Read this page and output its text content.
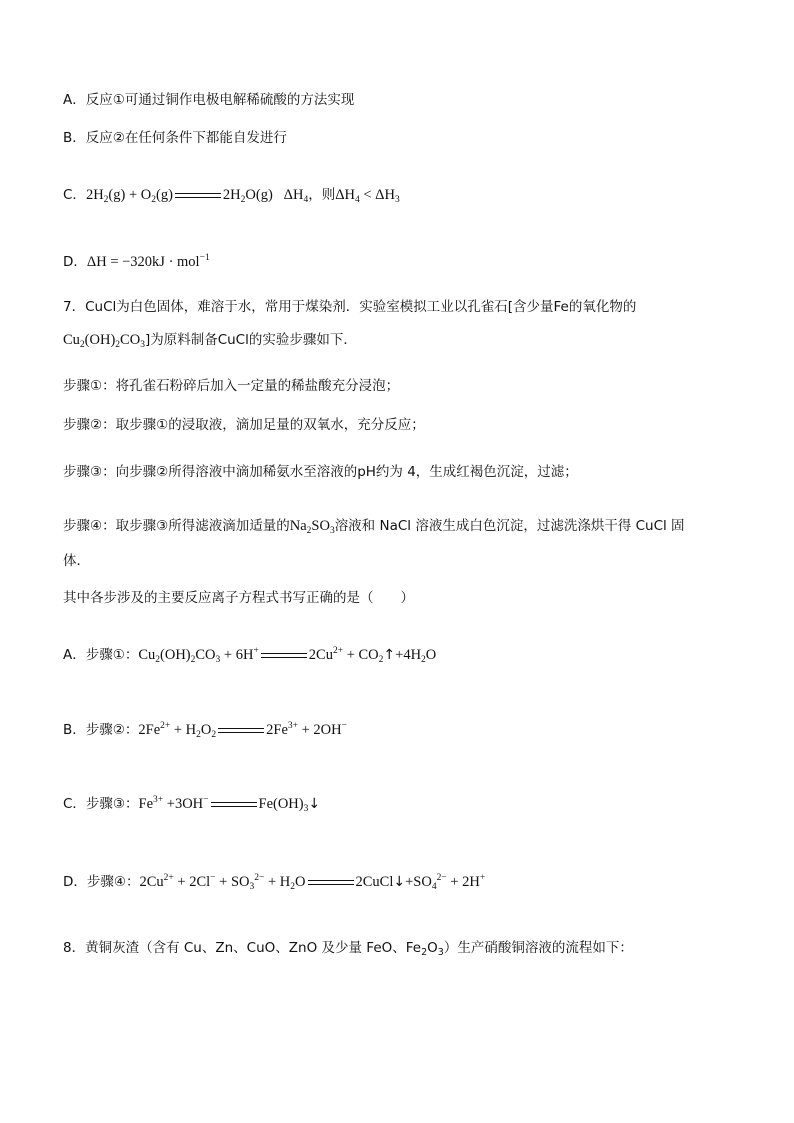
A．反应①可通过铜作电极电解稀硫酸的方法实现
B．反应②在任何条件下都能自发进行
C．$2H_2(g) + O_2(g)$	$2H_2O(g)$   $\Delta H_4$，则$\Delta H_4 < \Delta H_3$
D．ΔH = −320kJ · mol$^{-1}$
7．CuCl为白色固体，难溶于水，常用于煤染剂．实验室模拟工业以孔雀石[含少量Fe的氧化物的
$Cu_2(OH)_2CO_3$]为原料制备CuCl的实验步骤如下．
步骤①：将孔雀石粉碎后加入一定量的稀盐酸充分浸泡；
步骤②：取步骤①的浸取液，滴加足量的双氧水，充分反应；
步骤③：向步骤②所得溶液中滴加稀氨水至溶液的pH约为 4，生成红褐色沉淀，过滤；
步骤④：取步骤③所得滤液滴加适量的$Na_2SO_3$溶液和 NaCl 溶液生成白色沉淀，过滤洗涤烘干得 CuCl 固
体．
其中各步涉及的主要反应离子方程式书写正确的是（　　）
A．步骤①：$Cu_2(OH)_2CO_3 + 6H^+$	$2Cu^{2+}$ + $CO_2↑+4H_2O$
B．步骤②：$2Fe^{2+} + H_2O_2$	$2Fe^{3+} + 2OH^-$
C．步骤③：$Fe^{3+} +3OH^-$	$Fe(OH)_3↓$
D．步骤④：$2Cu^{2+} + 2Cl^- + SO_3^{2-} + H_2O$	$2CuCl↓+SO_4^{2-} + 2H^+$
8．黄铜灰渣（含有 Cu、Zn、CuO、ZnO 及少量 FeO、$Fe_2O_3$）生产硝酸铜溶液的流程如下：
